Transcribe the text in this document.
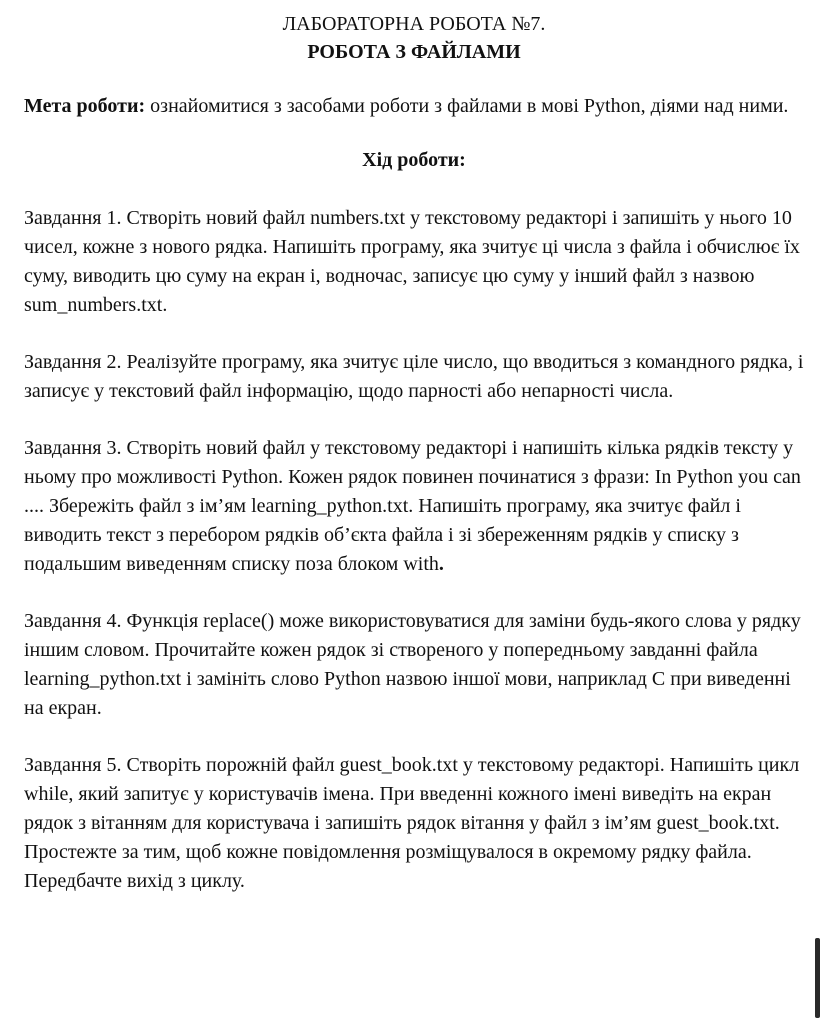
ЛАБОРАТОРНА РОБОТА №7.

РОБОТА З ФАЙЛАМИ

Мета роботи: ознайомитися з засобами роботи з файлами в мові Python, діями над ними.
Хід роботи:

Завдання 1. Створіть новий файл numbers.txt у текстовому редакторі і запишіть у нього 10 чисел, кожне з нового рядка. Напишіть програму, яка зчитує ці числа з файла і обчислює їх суму, виводить цю суму на екран і, водночас, записує цю суму у інший файл з назвою sum_numbers.txt.

Завдання 2. Реалізуйте програму, яка зчитує ціле число, що вводиться з командного рядка, і записує у текстовий файл інформацію, щодо парності або непарності числа.

Завдання 3. Створіть новий файл у текстовому редакторі і напишіть кілька рядків тексту у ньому про можливості Python. Кожен рядок повинен починатися з фрази: In Python you can .... Збережіть файл з ім’ям learning_python.txt. Напишіть програму, яка зчитує файл і виводить текст з перебором рядків об’єкта файла і зі збереженням рядків у списку з подальшим виведенням списку поза блоком with.

Завдання 4. Функція replace() може використовуватися для заміни будь-якого слова у рядку іншим словом. Прочитайте кожен рядок зі створеного у попередньому завданні файла learning_python.txt і замініть слово Python назвою іншої мови, наприклад С при виведенні на екран.

Завдання 5. Створіть порожній файл guest_book.txt у текстовому редакторі. Напишіть цикл while, який запитує у користувачів імена. При введенні кожного імені виведіть на екран рядок з вітанням для користувача і запишіть рядок вітання у файл з ім’ям guest_book.txt. Простежте за тим, щоб кожне повідомлення розміщувалося в окремому рядку файла. Передбачте вихід з циклу.
